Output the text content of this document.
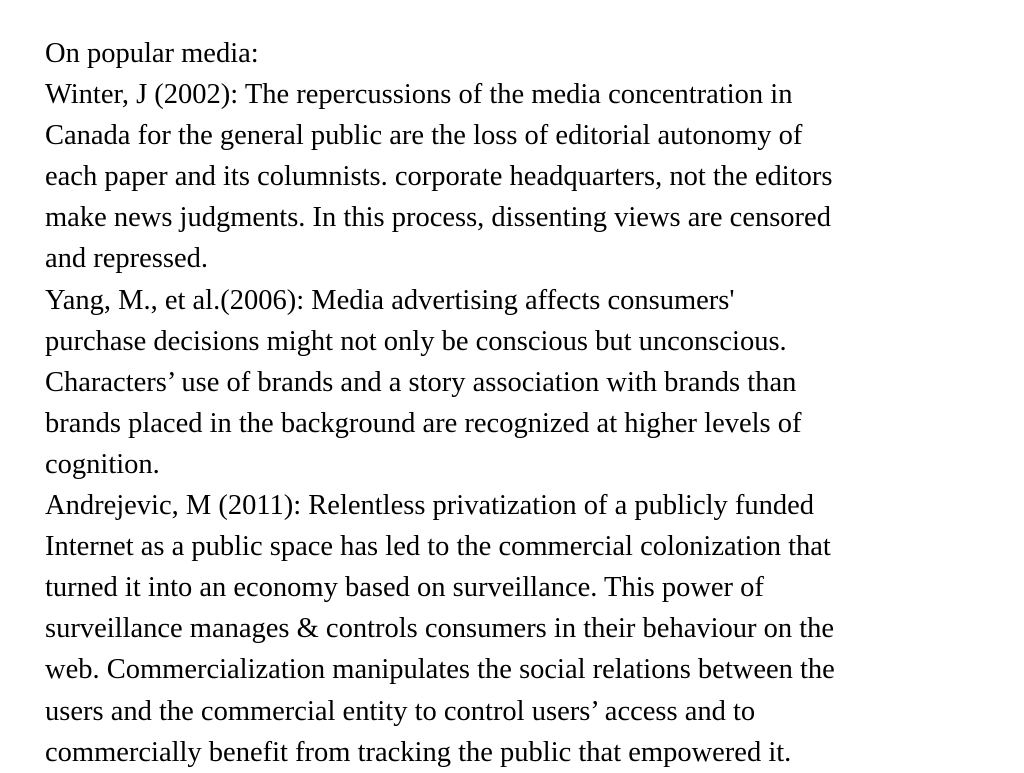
On popular media:

Winter, J (2002): The repercussions of the media concentration in
Canada for the general public are the loss of editorial autonomy of
each paper and its columnists. corporate headquarters, not the editors
make news judgments. In this process, dissenting views are censored
and repressed.

Yang, M., et al.(2006): Media advertising affects consumers'
purchase decisions might not only be conscious but unconscious.
Characters’ use of brands and a story association with brands than
brands placed in the background are recognized at higher levels of
cognition.

Andrejevic, M (2011): Relentless privatization of a publicly funded
Internet as a public space has led to the commercial colonization that
turned it into an economy based on surveillance. This power of
surveillance manages & controls consumers in their behaviour on the
web. Commercialization manipulates the social relations between the
users and the commercial entity to control users’ access and to
commercially benefit from tracking the public that empowered it.
